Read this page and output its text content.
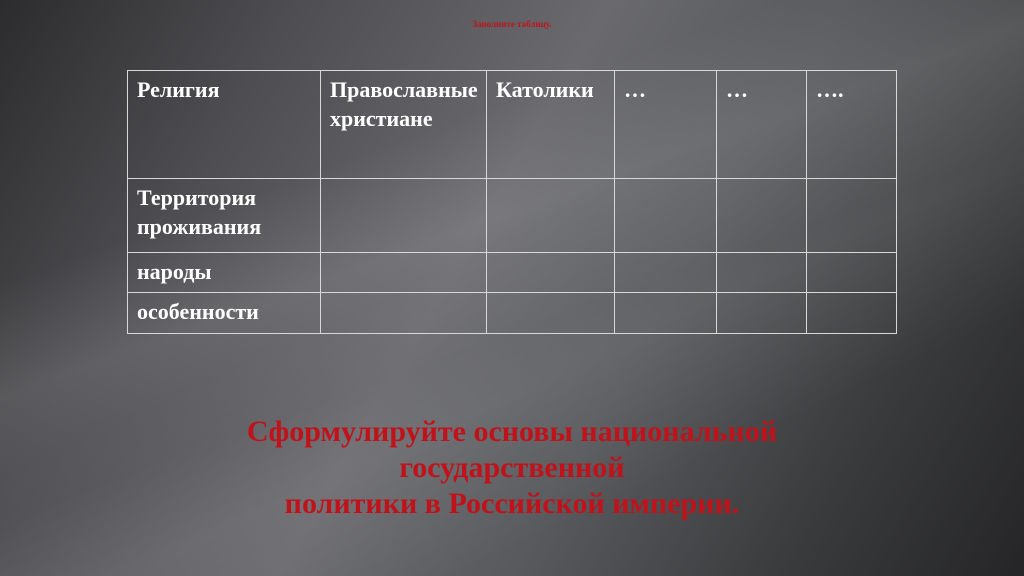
Заполните таблицу.
Религия	Православные христиане	Католики	…	…	….
Территория проживания					
народы					
особенности					
Сформулируйте основы национальной
государственной
политики в Российской империи.
